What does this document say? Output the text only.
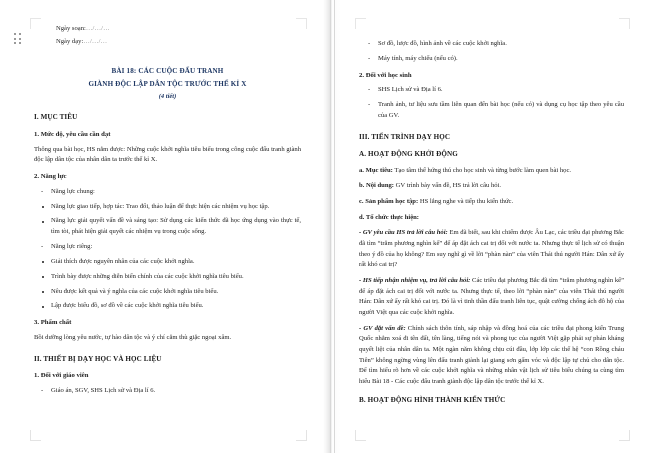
Ngày soạn:…/…/…

Ngày dạy:…/…/…

BÀI 18: CÁC CUỘC ĐẤU TRANH

GIÀNH ĐỘC LẬP DÂN TỘC TRƯỚC THẾ KỈ X

(4 tiết)

I. MỤC TIÊU

1. Mức độ, yêu cầu cần đạt

Thông qua bài học, HS nắm được: Những cuộc khởi nghĩa tiêu biểu trong công cuộc đấu tranh giành độc lập dân tộc của nhân dân ta trước thế kỉ X.

2. Năng lực

- Năng lực chung:
Năng lực giao tiếp, hợp tác: Trao đổi, thảo luận để thực hiện các nhiệm vụ học tập.
Năng lực giải quyết vấn đề và sáng tạo: Sử dụng các kiến thức đã học ứng dụng vào thực tế, tìm tòi, phát hiện giải quyết các nhiệm vụ trong cuộc sống.
- Năng lực riêng:
Giải thích được nguyên nhân của các cuộc khởi nghĩa.
Trình bày được những diễn biến chính của các cuộc khởi nghĩa tiêu biểu.
Nêu được kết quả và ý nghĩa của các cuộc khởi nghĩa tiêu biểu.
Lập được biểu đồ, sơ đồ về các cuộc khởi nghĩa tiêu biểu.

3. Phẩm chất

Bồi dưỡng lòng yêu nước, tự hào dân tộc và ý chí căm thù giặc ngoại xâm.

II. THIẾT BỊ DẠY HỌC VÀ HỌC LIỆU

1. Đối với giáo viên

- Giáo án, SGV, SHS Lịch sử và Địa lí 6.
- Sơ đồ, lược đồ, hình ảnh về các cuộc khởi nghĩa.
- Máy tính, máy chiếu (nếu có).

2. Đối với học sinh

- SHS Lịch sử và Địa lí 6.
- Tranh ảnh, tư liệu sưu tầm liên quan đến bài học (nếu có) và dụng cụ học tập theo yêu cầu của GV.

III. TIẾN TRÌNH DẠY HỌC

A. HOẠT ĐỘNG KHỞI ĐỘNG

a. Mục tiêu: Tạo tâm thế hứng thú cho học sinh và từng bước làm quen bài học.

b. Nội dung: GV trình bày vấn đề, HS trả lời câu hỏi.

c. Sản phẩm học tập: HS lắng nghe và tiếp thu kiến thức.

d. Tổ chức thực hiện:

- GV yêu cầu HS trả lời câu hỏi: Em đã biết, sau khi chiếm được Âu Lạc, các triều đại phương Bắc đã tìm “trăm phương nghìn kế” để áp đặt ách cai trị đối với nước ta. Nhưng thực tế lịch sử có thuận theo ý đồ của họ không? Em suy nghĩ gì về lời “phàn nàn” của viên Thái thú người Hán: Dân xứ ấy rất khó cai trị?

- HS tiếp nhận nhiệm vụ, trả lời câu hỏi: Các triều đại phương Bắc đã tìm “trăm phương nghìn kế” để áp đặt ách cai trị đối với nước ta. Nhưng thực tế, theo lời “phàn nàn” của viên Thái thú người Hán: Dân xứ ấy rất khó cai trị. Đó là vì tinh thần đấu tranh liên tục, quật cường chống ách đô hộ của người Việt qua các cuộc khởi nghĩa.

- GV đặt vấn đề: Chính sách thôn tính, sáp nhập và đồng hoá của các triều đại phong kiến Trung Quốc nhằm xoá đi tên đất, tên làng, tiếng nói và phong tục của người Việt gặp phải sự phản kháng quyết liệt của nhân dân ta. Một ngàn năm không chịu cúi đầu, lớp lớp các thế hệ “con Rồng cháu Tiên” không ngừng vùng lên đấu tranh giành lại giang sơn gấm vóc và độc lập tự chủ cho dân tộc. Để tìm hiểu rõ hơn về các cuộc khởi nghĩa và những nhân vật lịch sử tiêu biểu chúng ta cùng tìm hiểu Bài 18 - Các cuộc đấu tranh giành độc lập dân tộc trước thế kỉ X.

B. HOẠT ĐỘNG HÌNH THÀNH KIẾN THỨC
